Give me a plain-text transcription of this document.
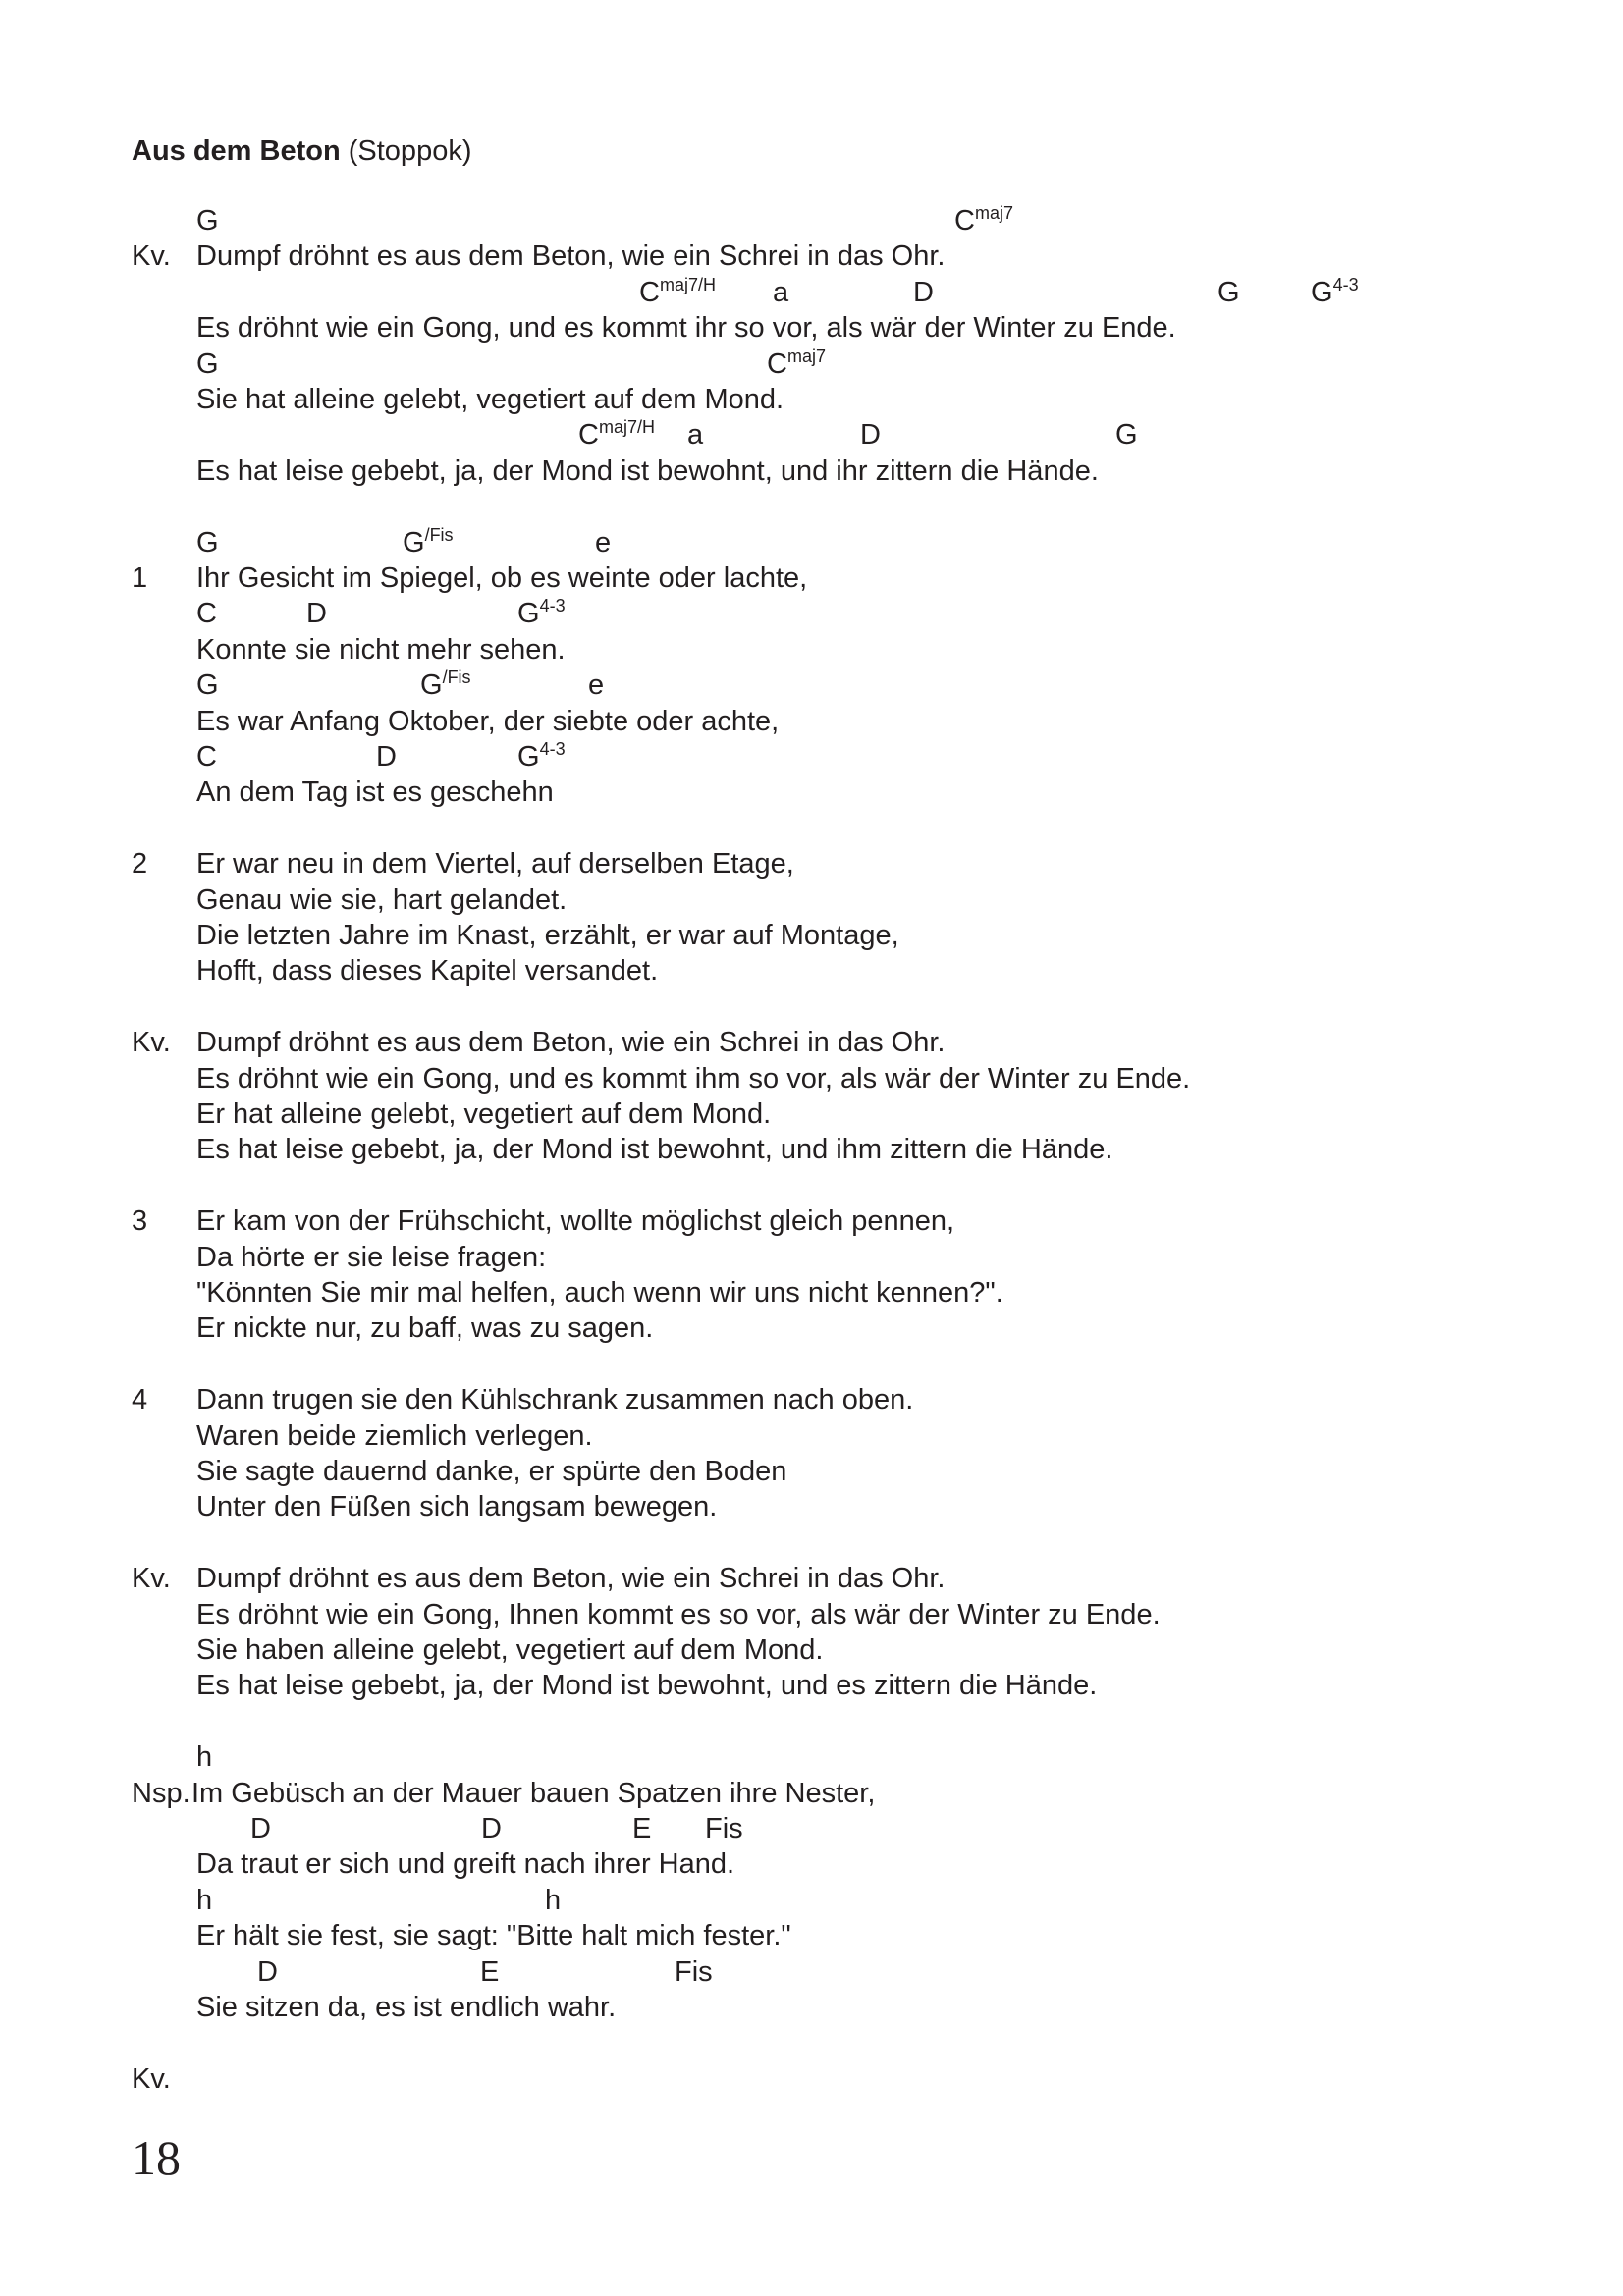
Aus dem Beton (Stoppok)
G	$C^{maj7}$
Kv. Dumpf dröhnt es aus dem Beton, wie ein Schrei in das Ohr.
$C^{maj7/H}$ a	D	G $G^{4-3}$
Es dröhnt wie ein Gong, und es kommt ihr so vor, als wär der Winter zu Ende.
G	$C^{maj7}$
Sie hat alleine gelebt, vegetiert auf dem Mond.
$C^{maj7/H}$ a	D	G
Es hat leise gebebt, ja, der Mond ist bewohnt, und ihr zittern die Hände.
G	$G^{/Fis}$	e
1 Ihr Gesicht im Spiegel, ob es weinte oder lachte,
C	D	$G^{4-3}$
Konnte sie nicht mehr sehen.
G	$G^{/Fis}$	e
Es war Anfang Oktober, der siebte oder achte,
C	D	$G^{4-3}$
An dem Tag ist es geschehn
2 Er war neu in dem Viertel, auf derselben Etage,
Genau wie sie, hart gelandet.
Die letzten Jahre im Knast, erzählt, er war auf Montage,
Hofft, dass dieses Kapitel versandet.
Kv. Dumpf dröhnt es aus dem Beton, wie ein Schrei in das Ohr.
Es dröhnt wie ein Gong, und es kommt ihm so vor, als wär der Winter zu Ende.
Er hat alleine gelebt, vegetiert auf dem Mond.
Es hat leise gebebt, ja, der Mond ist bewohnt, und ihm zittern die Hände.
3 Er kam von der Frühschicht, wollte möglichst gleich pennen,
Da hörte er sie leise fragen:
"Könnten Sie mir mal helfen, auch wenn wir uns nicht kennen?".
Er nickte nur, zu baff, was zu sagen.
4 Dann trugen sie den Kühlschrank zusammen nach oben.
Waren beide ziemlich verlegen.
Sie sagte dauernd danke, er spürte den Boden
Unter den Füßen sich langsam bewegen.
Kv. Dumpf dröhnt es aus dem Beton, wie ein Schrei in das Ohr.
Es dröhnt wie ein Gong, Ihnen kommt es so vor, als wär der Winter zu Ende.
Sie haben alleine gelebt, vegetiert auf dem Mond.
Es hat leise gebebt, ja, der Mond ist bewohnt, und es zittern die Hände.
h
Nsp. Im Gebüsch an der Mauer bauen Spatzen ihre Nester,
D	D	E Fis
Da traut er sich und greift nach ihrer Hand.
h	h
Er hält sie fest, sie sagt: "Bitte halt mich fester."
D	E	Fis
Sie sitzen da, es ist endlich wahr.
Kv.
18
